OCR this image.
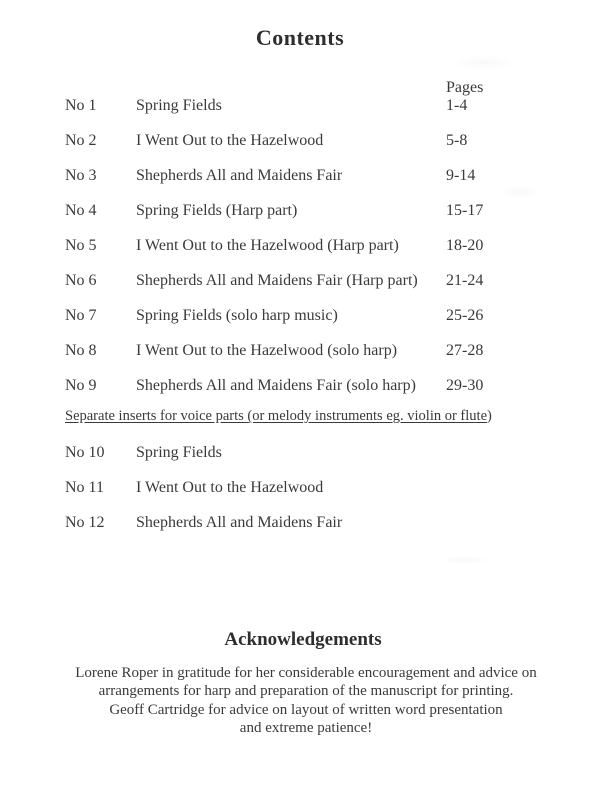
Contents
Pages
No 1 Spring Fields	1-4
No 2 I Went Out to the Hazelwood	5-8
No 3 Shepherds All and Maidens Fair	9-14
No 4 Spring Fields (Harp part)	15-17
No 5 I Went Out to the Hazelwood (Harp part)	18-20
No 6 Shepherds All and Maidens Fair (Harp part) 21-24
No 7 Spring Fields (solo harp music)	25-26
No 8 I Went Out to the Hazelwood (solo harp)	27-28
No 9 Shepherds All and Maidens Fair (solo harp) 29-30
Separate inserts for voice parts (or melody instruments eg. violin or flute)
No 10 Spring Fields
No 11 I Went Out to the Hazelwood
No 12 Shepherds All and Maidens Fair
Acknowledgements
Lorene Roper in gratitude for her considerable encouragement and advice on
arrangements for harp and preparation of the manuscript for printing.
Geoff Cartridge for advice on layout of written word presentation
and extreme patience!
